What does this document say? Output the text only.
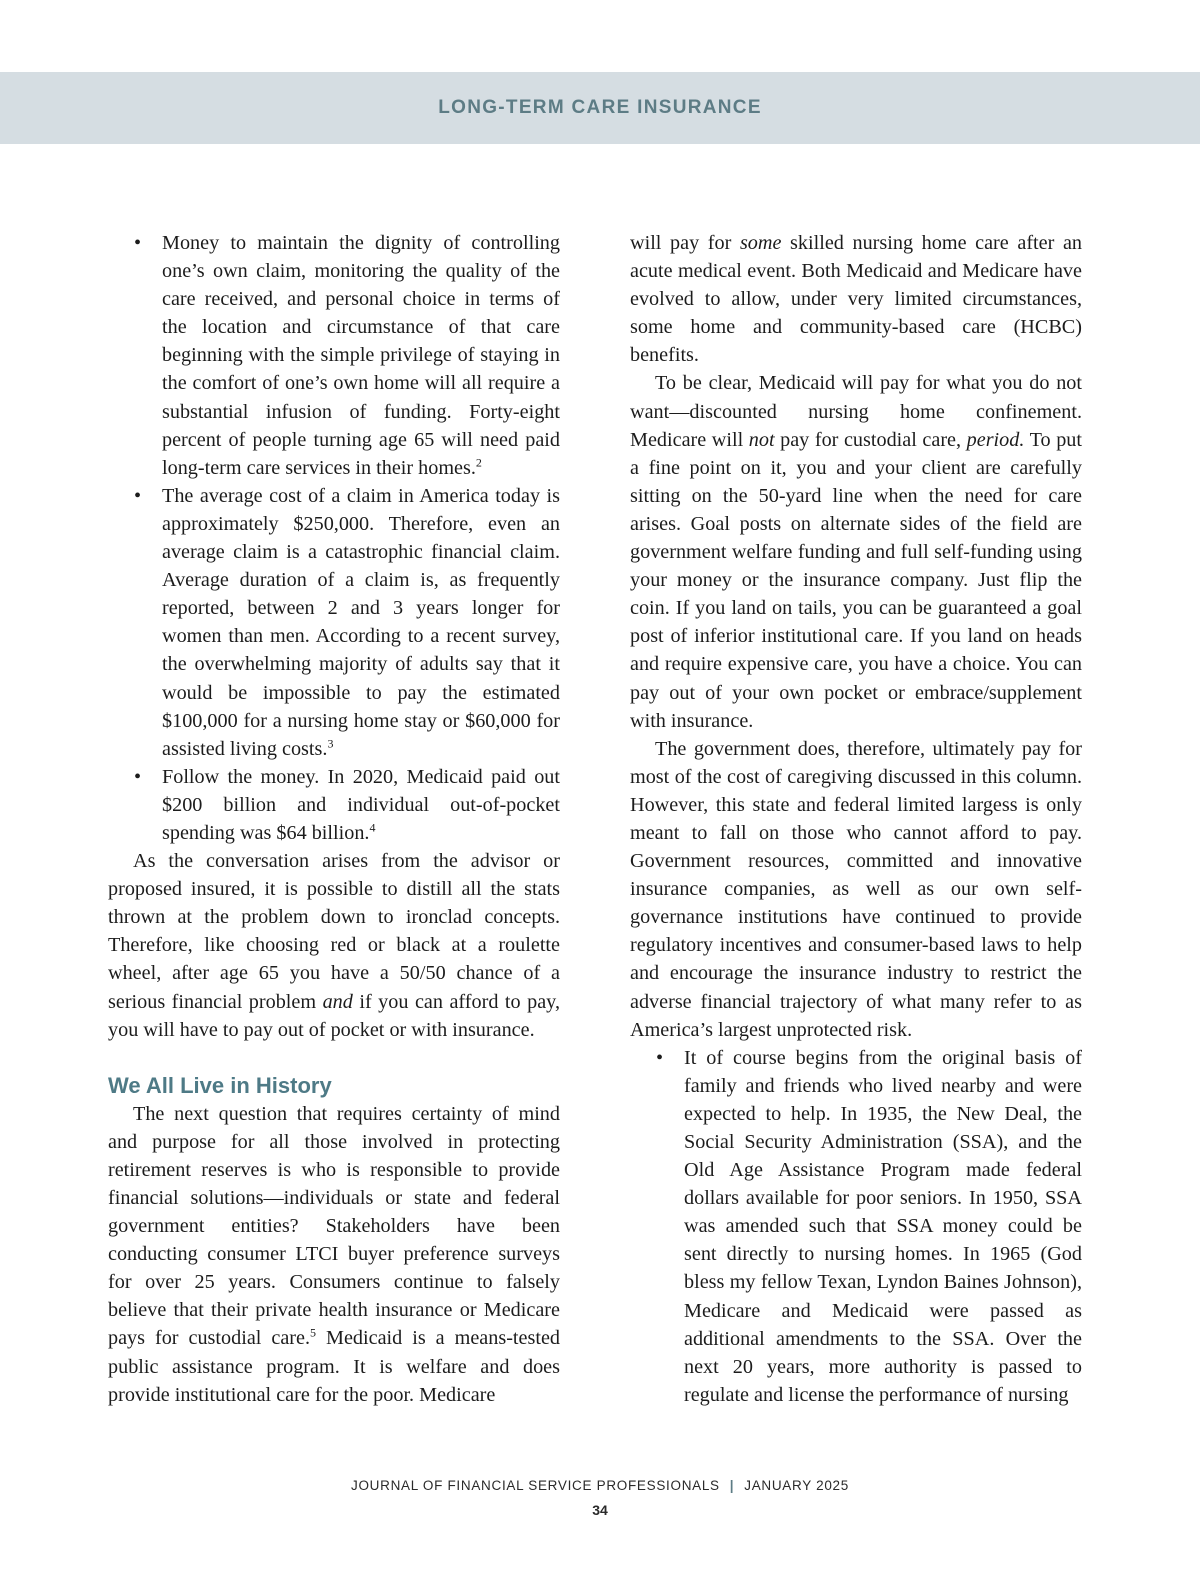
LONG-TERM CARE INSURANCE
• Money to maintain the dignity of controlling one’s own claim, monitoring the quality of the care received, and personal choice in terms of the location and circumstance of that care beginning with the simple privilege of staying in the comfort of one’s own home will all require a substantial infusion of funding. Forty-eight percent of people turning age 65 will need paid long-term care services in their homes.$^2$
• The average cost of a claim in America today is approximately $250,000. Therefore, even an average claim is a catastrophic financial claim. Average duration of a claim is, as frequently reported, between 2 and 3 years longer for women than men. According to a recent survey, the overwhelming majority of adults say that it would be impossible to pay the estimated $100,000 for a nursing home stay or $60,000 for assisted living costs.$^3$
• Follow the money. In 2020, Medicaid paid out $200 billion and individual out-of-pocket spending was $64 billion.$^4$

As the conversation arises from the advisor or proposed insured, it is possible to distill all the stats thrown at the problem down to ironclad concepts. Therefore, like choosing red or black at a roulette wheel, after age 65 you have a 50/50 chance of a serious financial problem and if you can afford to pay, you will have to pay out of pocket or with insurance.

We All Live in History

The next question that requires certainty of mind and purpose for all those involved in protecting retirement reserves is who is responsible to provide financial solutions—individuals or state and federal government entities? Stakeholders have been conducting consumer LTCI buyer preference surveys for over 25 years. Consumers continue to falsely believe that their private health insurance or Medicare pays for custodial care.$^5$ Medicaid is a means-tested public assistance program. It is welfare and does provide institutional care for the poor. Medicare

will pay for some skilled nursing home care after an acute medical event. Both Medicaid and Medicare have evolved to allow, under very limited circumstances, some home and community-based care (HCBC) benefits.

To be clear, Medicaid will pay for what you do not want—discounted nursing home confinement. Medicare will not pay for custodial care, period. To put a fine point on it, you and your client are carefully sitting on the 50-yard line when the need for care arises. Goal posts on alternate sides of the field are government welfare funding and full self-funding using your money or the insurance company. Just flip the coin. If you land on tails, you can be guaranteed a goal post of inferior institutional care. If you land on heads and require expensive care, you have a choice. You can pay out of your own pocket or embrace/supplement with insurance.

The government does, therefore, ultimately pay for most of the cost of caregiving discussed in this column. However, this state and federal limited largess is only meant to fall on those who cannot afford to pay. Government resources, committed and innovative insurance companies, as well as our own self-governance institutions have continued to provide regulatory incentives and consumer-based laws to help and encourage the insurance industry to restrict the adverse financial trajectory of what many refer to as America’s largest unprotected risk.

• It of course begins from the original basis of family and friends who lived nearby and were expected to help. In 1935, the New Deal, the Social Security Administration (SSA), and the Old Age Assistance Program made federal dollars available for poor seniors. In 1950, SSA was amended such that SSA money could be sent directly to nursing homes. In 1965 (God bless my fellow Texan, Lyndon Baines Johnson), Medicare and Medicaid were passed as additional amendments to the SSA. Over the next 20 years, more authority is passed to regulate and license the performance of nursing
JOURNAL OF FINANCIAL SERVICE PROFESSIONALS | JANUARY 2025
34
